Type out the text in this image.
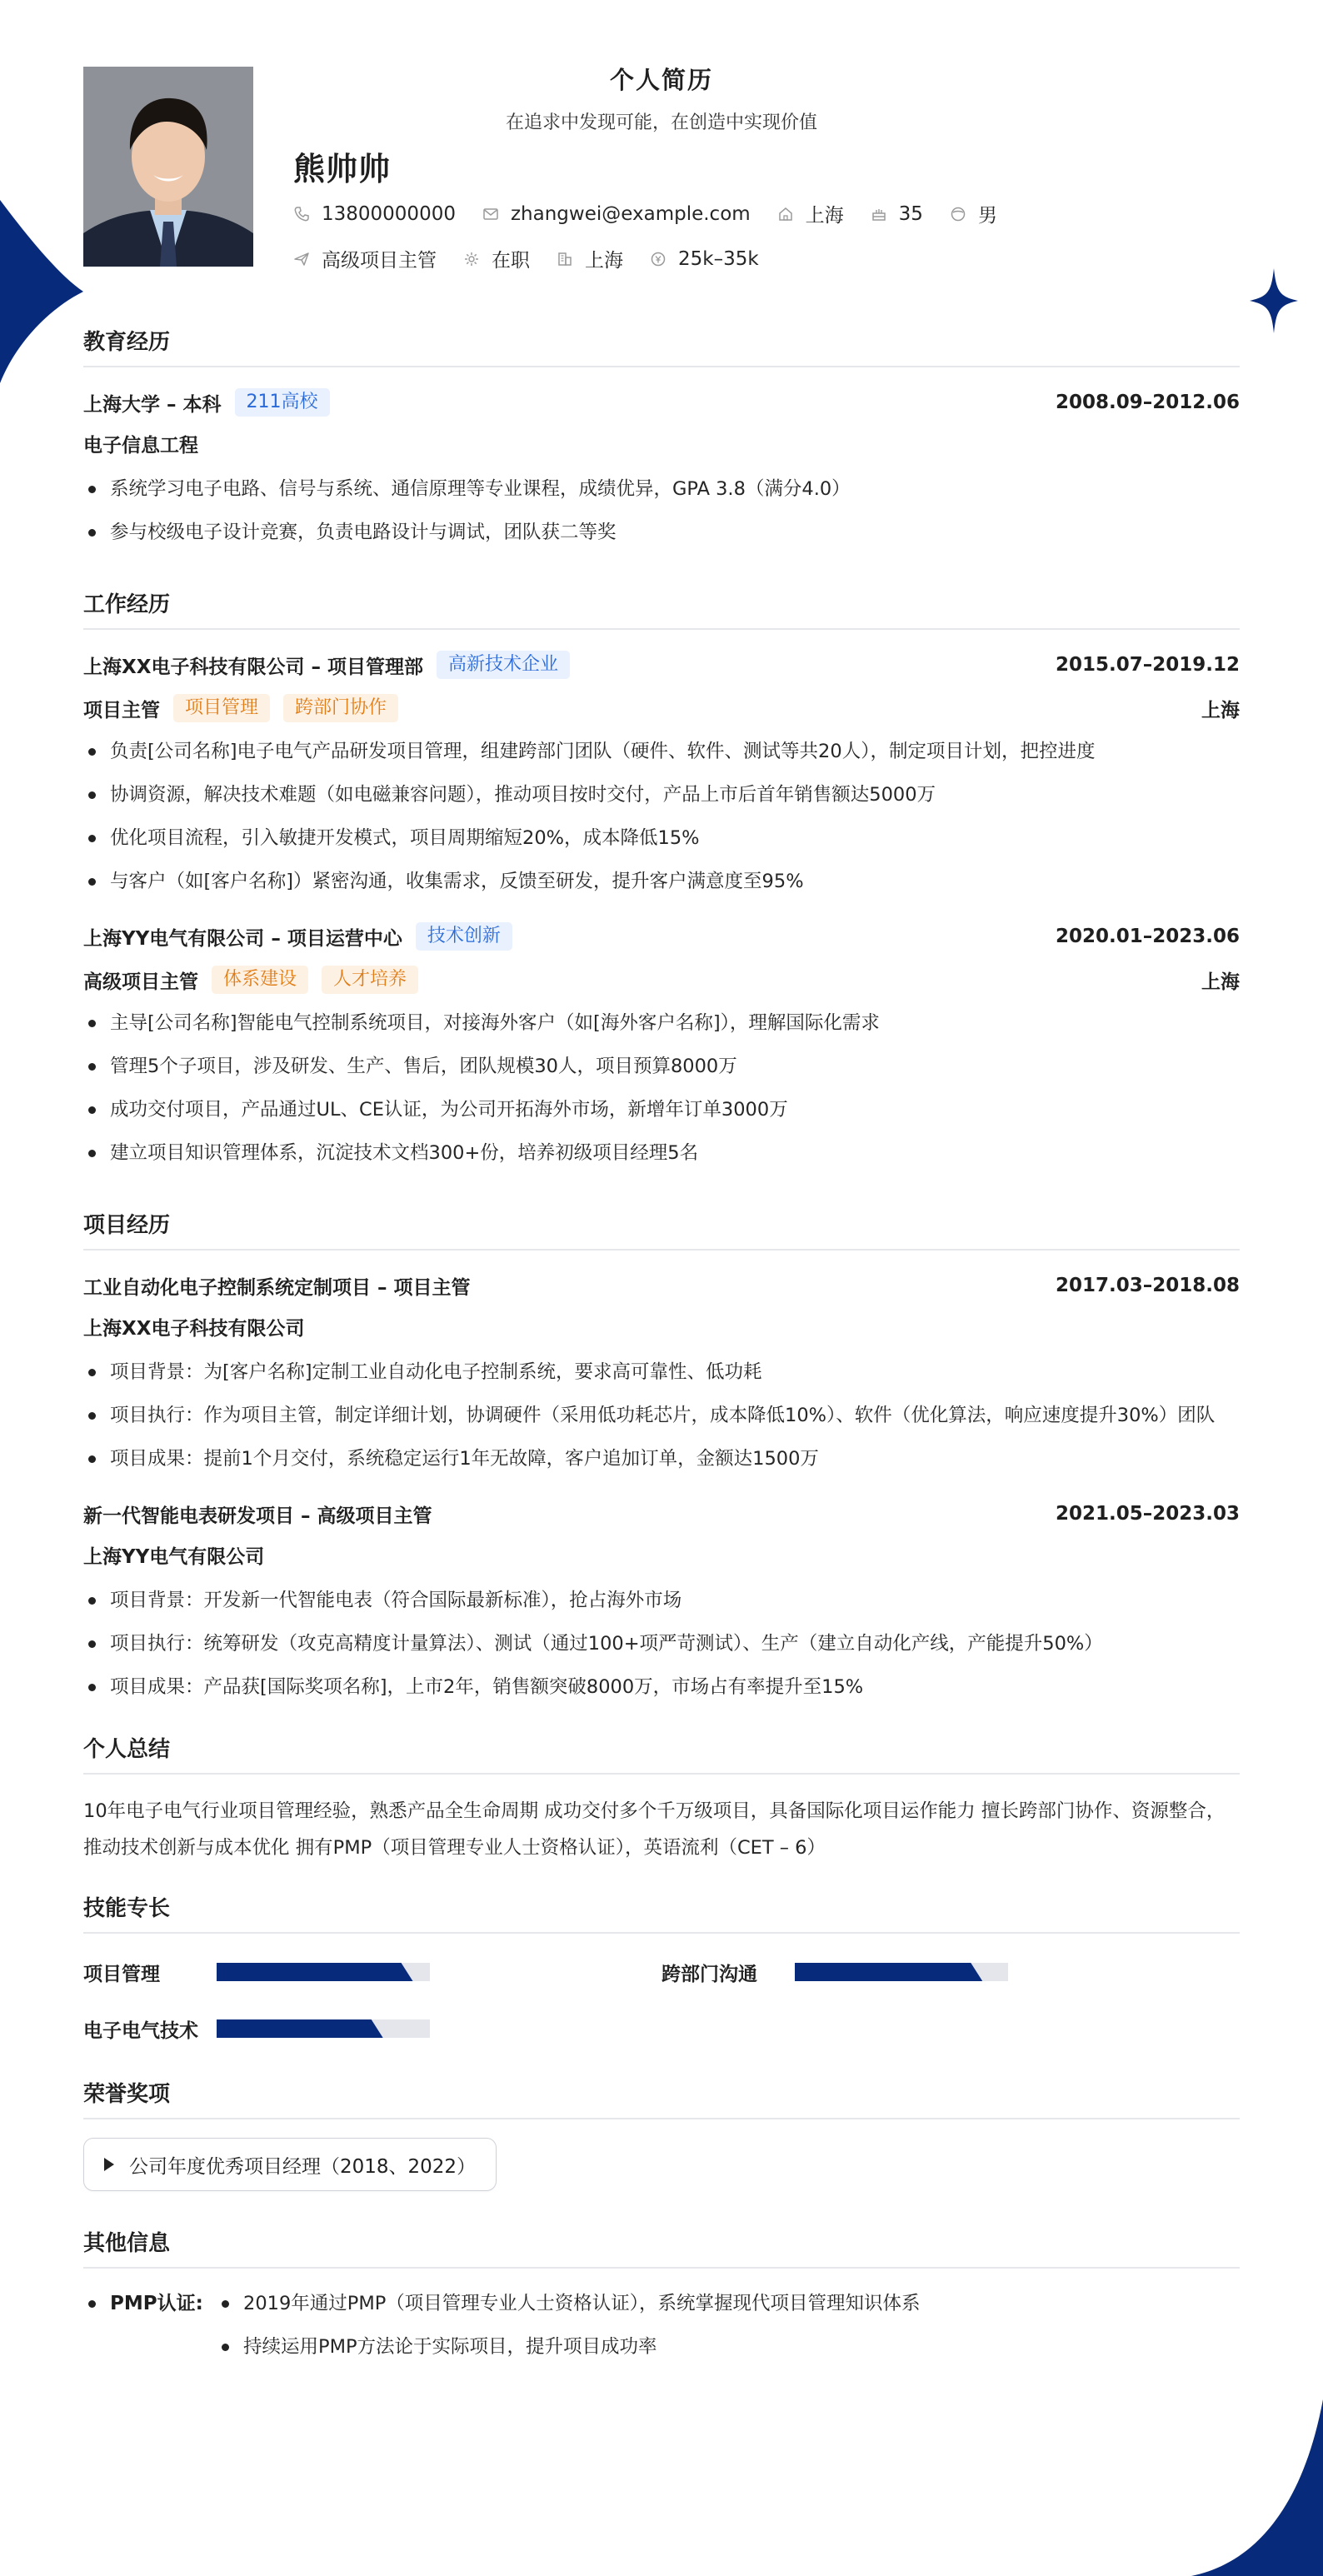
个人简历
在追求中发现可能，在创造中实现价值
熊帅帅
13800000000	zhangwei@example.com	上海	35	男
高级项目主管	在职	上海	25k–35k
教育经历
上海大学 – 本科	211高校	2008.09–2012.06
电子信息工程
系统学习电子电路、信号与系统、通信原理等专业课程，成绩优异，GPA 3.8（满分4.0）
参与校级电子设计竞赛，负责电路设计与调试，团队获二等奖
工作经历
上海XX电子科技有限公司 – 项目管理部	高新技术企业	2015.07–2019.12
项目主管	项目管理	跨部门协作	上海
负责[公司名称]电子电气产品研发项目管理，组建跨部门团队（硬件、软件、测试等共20人），制定项目计划，把控进度
协调资源，解决技术难题（如电磁兼容问题），推动项目按时交付，产品上市后首年销售额达5000万
优化项目流程，引入敏捷开发模式，项目周期缩短20%，成本降低15%
与客户（如[客户名称]）紧密沟通，收集需求，反馈至研发，提升客户满意度至95%
上海YY电气有限公司 – 项目运营中心	技术创新	2020.01–2023.06
高级项目主管	体系建设	人才培养	上海
主导[公司名称]智能电气控制系统项目，对接海外客户（如[海外客户名称]），理解国际化需求
管理5个子项目，涉及研发、生产、售后，团队规模30人，项目预算8000万
成功交付项目，产品通过UL、CE认证，为公司开拓海外市场，新增年订单3000万
建立项目知识管理体系，沉淀技术文档300+份，培养初级项目经理5名
项目经历
工业自动化电子控制系统定制项目 – 项目主管	2017.03–2018.08
上海XX电子科技有限公司
项目背景：为[客户名称]定制工业自动化电子控制系统，要求高可靠性、低功耗
项目执行：作为项目主管，制定详细计划，协调硬件（采用低功耗芯片，成本降低10%）、软件（优化算法，响应速度提升30%）团队
项目成果：提前1个月交付，系统稳定运行1年无故障，客户追加订单，金额达1500万
新一代智能电表研发项目 – 高级项目主管	2021.05–2023.03
上海YY电气有限公司
项目背景：开发新一代智能电表（符合国际最新标准），抢占海外市场
项目执行：统筹研发（攻克高精度计量算法）、测试（通过100+项严苛测试）、生产（建立自动化产线，产能提升50%）
项目成果：产品获[国际奖项名称]，上市2年，销售额突破8000万，市场占有率提升至15%
个人总结
10年电子电气行业项目管理经验，熟悉产品全生命周期 成功交付多个千万级项目，具备国际化项目运作能力 擅长跨部门协作、资源整合，推动技术创新与成本优化 拥有PMP（项目管理专业人士资格认证），英语流利（CET – 6）
技能专长
项目管理	跨部门沟通
电子电气技术
荣誉奖项
公司年度优秀项目经理（2018、2022）
其他信息
PMP认证:	2019年通过PMP（项目管理专业人士资格认证），系统掌握现代项目管理知识体系
持续运用PMP方法论于实际项目，提升项目成功率
